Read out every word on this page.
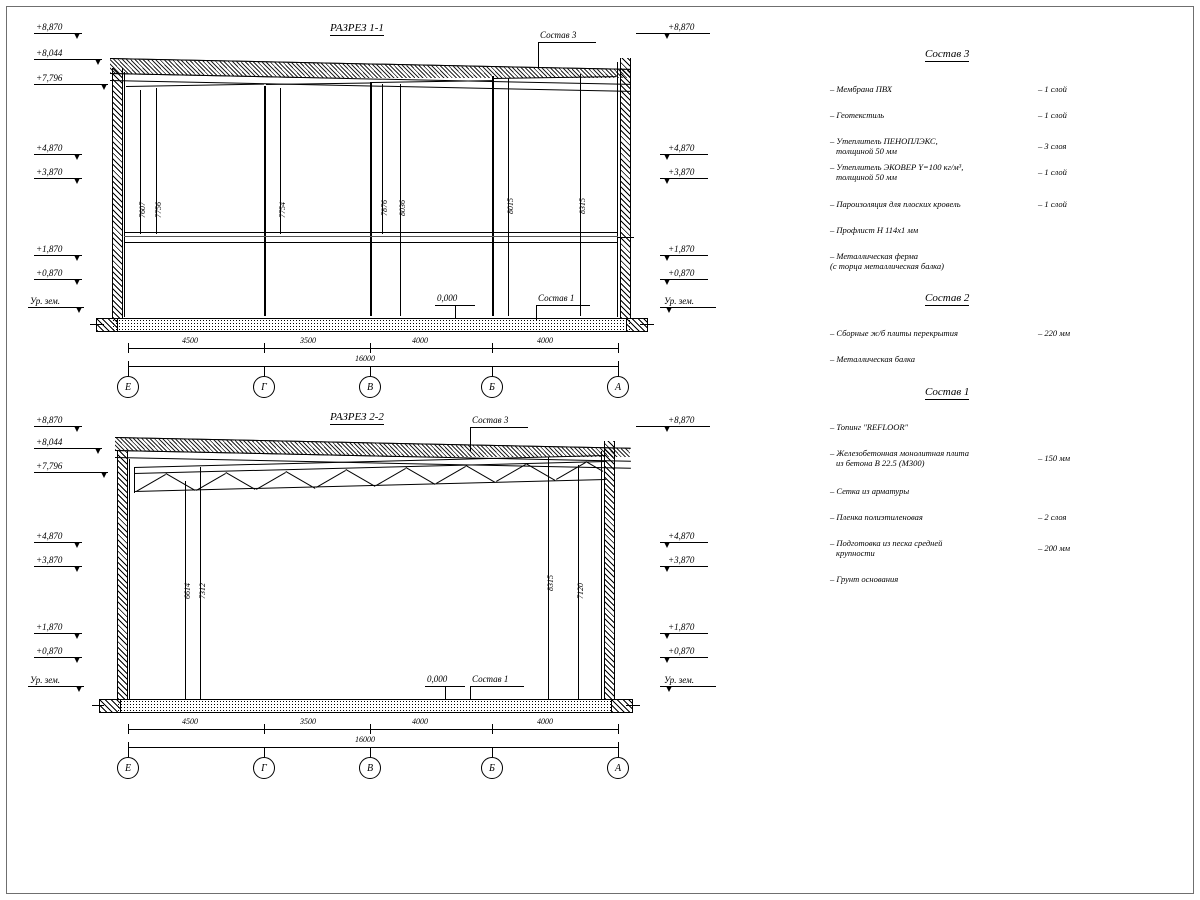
РАЗРЕЗ 1-1
+8,870
+8,044
+7,796
+4,870
+3,870
+1,870
+0,870
Ур. зем.
+8,870
+4,870
+3,870
+1,870
+0,870
Ур. зем.
Состав 3
0,000	Состав 1
7607 7756	7754	7876 8036	8015	8315
4500	3500	4000	4000
16000
Е	Г	В	Б	А
РАЗРЕЗ 2-2
+8,870
+8,044
+7,796
+4,870
+3,870
+1,870
+0,870
Ур. зем.
+8,870
+4,870
+3,870
+1,870
+0,870
Ур. зем.
Состав 3
0,000	Состав 1
6614 7312	8315	7120
4500	3500	4000	4000
16000
Е	Г	В	Б	А
Состав 3
– Мембрана ПВХ	– 1 слой
– Геотекстиль	– 1 слой
– Утеплитель ПЕНОПЛЭКС,
толщиной 50 мм	– 3 слоя
– Утеплитель ЭКОВЕР Y=100 кг/м³,
толщиной 50 мм	– 1 слой
– Пароизоляция для плоских кровель	– 1 слой
– Профлист Н 114х1 мм
– Металлическая ферма
(с торца металлическая балка)
Состав 2
– Сборные ж/б плиты перекрытия	– 220 мм
– Металлическая балка
Состав 1
– Топинг "REFLOOR"
– Железобетонная монолитная плита
из бетона В 22.5 (М300)	– 150 мм
– Сетка из арматуры
– Пленка полиэтиленовая	– 2 слоя
– Подготовка из песка средней
крупности	– 200 мм
– Грунт основания
